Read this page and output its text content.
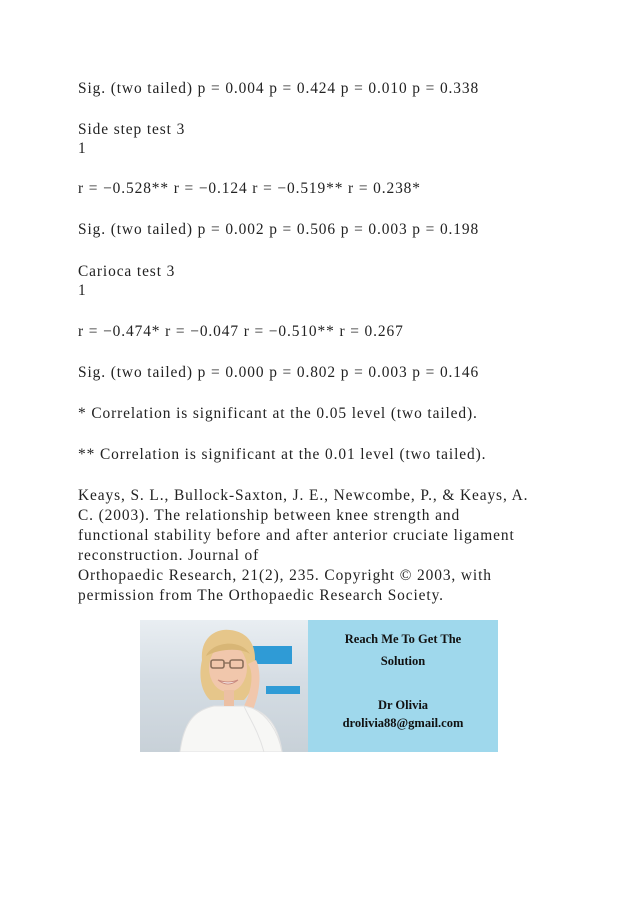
Sig. (two tailed) p = 0.004 p = 0.424 p = 0.010 p = 0.338
Side step test 3
1
r = −0.528** r = −0.124 r = −0.519** r = 0.238*
Sig. (two tailed) p = 0.002 p = 0.506 p = 0.003 p = 0.198
Carioca test 3
1
r = −0.474* r = −0.047 r = −0.510** r = 0.267
Sig. (two tailed) p = 0.000 p = 0.802 p = 0.003 p = 0.146
* Correlation is significant at the 0.05 level (two tailed).
** Correlation is significant at the 0.01 level (two tailed).
Keays, S. L., Bullock-Saxton, J. E., Newcombe, P., & Keays, A.
C. (2003). The relationship between knee strength and
functional stability before and after anterior cruciate ligament
reconstruction. Journal of
Orthopaedic Research, 21(2), 235. Copyright © 2003, with
permission from The Orthopaedic Research Society.
Reach Me To Get The
Solution
Dr Olivia
drolivia88@gmail.com
